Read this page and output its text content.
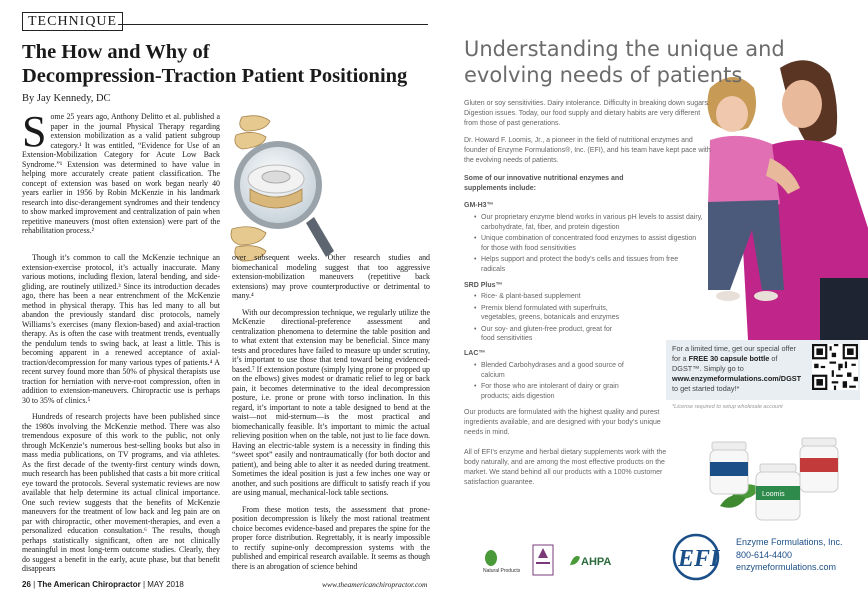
TECHNIQUE
The How and Why of
Decompression-Traction Patient Positioning
By Jay Kennedy, DC

Some 25 years ago, Anthony Delitto et al. published a paper in the journal Physical Therapy regarding extension mobilization as a valid patient subgroup category.¹ It was entitled, “Evidence for Use of an Extension-Mobilization Category for Acute Low Back Syndrome.”¹ Extension was determined to have value in helping more accurately create patient classification. The concept of extension was based on work began nearly 40 years earlier in 1956 by Robin McKenzie in his landmark research into disc-derangement syndromes and their tendency to show marked improvement and centralization of pain when repetitive maneuvers (most often extension) were part of the rehabilitation process.²

Though it’s common to call the McKenzie technique an extension-exercise protocol, it’s actually inaccurate. Many various motions, including flexion, lateral bending, and side-gliding, are routinely utilized.³ Since its introduction decades ago, there has been a near entrenchment of the McKenzie method in physical therapy. This has led many to all but abandon the previously standard disc protocols, namely Williams’s exercises (many flexion-based) and axial-traction therapy. As is often the case with treatment trends, eventually the pendulum tends to swing back, at least a little. This is becoming apparent in a renewed acceptance of axial-traction/decompression for many various types of patients.⁴ A recent survey found more than 50% of physical therapists use traction for herniation with nerve-root compression, often in addition to extension-maneuvers. Chiropractic use is perhaps 30 to 35% of clinics.⁵

Hundreds of research projects have been published since the 1980s involving the McKenzie method. There was also tremendous exposure of this work to the public, not only through McKenzie’s numerous best-selling books but also in mass media publications, on TV programs, and via athletes. As the first decade of the twenty-first century winds down, much research has been published that casts a bit more critical eye toward the protocols. Several systematic reviews are now available that help determine its actual clinical importance. One such review suggests that the benefits of McKenzie maneuvers for the treatment of low back and leg pain are on par with chiropractic, other movement-therapies, and even a personalized education consultation.⁶ The results, though perhaps statistically significant, often are not clinically meaningful in most long-term outcome studies. Clearly, they do suggest a benefit in the early, acute phase, but that benefit disappears

over subsequent weeks. Other research studies and biomechanical modeling suggest that too aggressive extension-mobilization maneuvers (repetitive back extensions) may prove counterproductive or detrimental to many.⁴

With our decompression technique, we regularly utilize the McKenzie directional-preference assessment and centralization phenomena to determine the table position and to what extent that extension may be beneficial. Since many tests and procedures have failed to measure up under scrutiny, it’s important to use those that tend toward being evidenced-based.⁷ If extension posture (simply lying prone or propped up on the elbows) gives modest or dramatic relief to leg or back pain, it becomes determinative to the ideal decompression posture, i.e. prone or prone with torso inclination. In this regard, it’s important to note a table designed to bend at the waist—not mid-sternum—is the most practical and biomechanically feasible. It’s important to mimic the actual relieving position when on the table, not just to lie face down. Having an electric-table system is a necessity in finding this “sweet spot” easily and nontraumatically (for both doctor and patient), and being able to alter it as needed during treatment. Sometimes the ideal position is just a few inches one way or another, and such positions are difficult to satisfy reach if you are using manual, mechanical-lock table sections.

From these motion tests, the assessment that prone-position decompression is likely the most rational treatment choice becomes evidence-based and prepares the spine for the proper force distribution. Regrettably, it is nearly impossible to rectify supine-only decompression systems with the published and empirical research available. It seems as though there is an abrogation of science behind

26 | The American Chiropractor | MAY 2018	www.theamericanchiropractor.com
Understanding the unique and evolving needs of patients
Gluten or soy sensitivities. Dairy intolerance. Difficulty in breaking down sugars. Digestion issues. Today, our food supply and dietary habits are very different from those of past generations.
Dr. Howard F. Loomis, Jr., a pioneer in the field of nutritional enzymes and founder of Enzyme Formulations®, Inc. (EFI), and his team have kept pace with the evolving needs of patients.
Some of our innovative nutritional enzymes and supplements include:
GM-H3™
• Our proprietary enzyme blend works in various pH levels to assist dairy, carbohydrate, fat, fiber, and protein digestion
• Unique combination of concentrated food enzymes to assist digestion for those with food sensitivities
• Helps support and protect the body’s cells and tissues from free radicals
SRD Plus™
• Rice- & plant-based supplement
• Premix blend formulated with superfruits, vegetables, greens, botanicals and enzymes
• Our soy- and gluten-free product, great for food sensitivities
LAC™
• Blended Carbohydrases and a good source of calcium
• For those who are intolerant of dairy or grain products; aids digestion
For a limited time, get our special offer for a FREE 30 capsule bottle of DGST™. Simply go to www.enzymeformulations.com/DGST to get started today!*
*License required to setup wholesale account
Our products are formulated with the highest quality and purest ingredients available, and are designed with your body’s unique needs in mind.
All of EFI’s enzyme and herbal dietary supplements work with the body naturally, and are among the most effective products on the market. We stand behind all our products with a 100% customer satisfaction guarantee.
Loomis
Natural Products
AHPA	EFI
Enzyme Formulations, Inc.
800-614-4400
enzymeformulations.com
